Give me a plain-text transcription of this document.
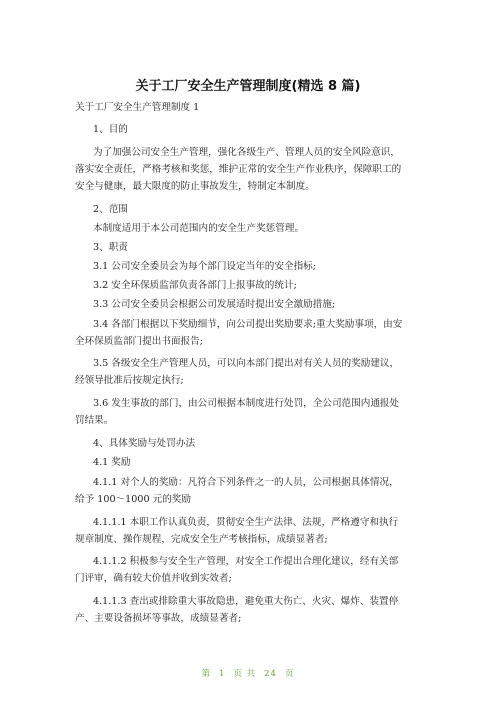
关于工厂安全生产管理制度(精选 8 篇)
关于工厂安全生产管理制度 1
1、目的
为了加强公司安全生产管理，强化各级生产、管理人员的安全风险意识，
落实安全责任，严格考核和奖惩，维护正常的安全生产作业秩序，保障职工的
安全与健康，最大限度的防止事故发生，特制定本制度。
2、范围
本制度适用于本公司范围内的安全生产奖惩管理。
3、职责
3.1 公司安全委员会为每个部门设定当年的安全指标;
3.2 安全环保质监部负责各部门上报事故的统计;
3.3 公司安全委员会根据公司发展适时提出安全激励措施;
3.4 各部门根据以下奖励细节，向公司提出奖励要求;重大奖励事项，由安
全环保质监部门提出书面报告;
3.5 各级安全生产管理人员，可以向本部门提出对有关人员的奖励建议，
经领导批准后按规定执行;
3.6 发生事故的部门，由公司根据本制度进行处罚，全公司范围内通报处
罚结果。
4、具体奖励与处罚办法
4.1 奖励
4.1.1 对个人的奖励：凡符合下列条件之一的人员，公司根据具体情况，
给予 100～1000 元的奖励
4.1.1.1 本职工作认真负责，贯彻安全生产法律、法规，严格遵守和执行
规章制度、操作规程，完成安全生产考核指标，成绩显著者;
4.1.1.2 积极参与安全生产管理，对安全工作提出合理化建议，经有关部
门评审，确有较大价值并收到实效者;
4.1.1.3 查出或排除重大事故隐患，避免重大伤亡、火灾、爆炸、装置停
产、主要设备损坏等事故，成绩显著者;
第 1 页 共 24 页
